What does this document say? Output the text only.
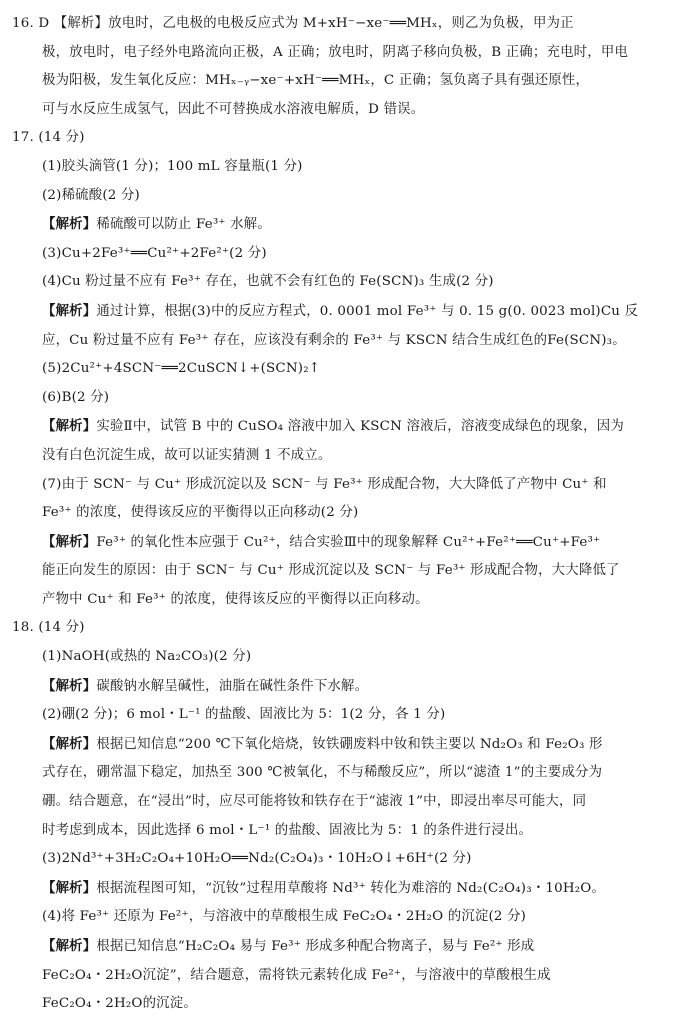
16. D 【解析】放电时，乙电极的电极反应式为 M+xH⁻−xe⁻══MHₓ，则乙为负极，甲为正
极，放电时，电子经外电路流向正极，A 正确；放电时，阴离子移向负极，B 正确；充电时，甲电
极为阳极，发生氧化反应：MHₓ₋ᵧ−xe⁻+xH⁻══MHₓ，C 正确；氢负离子具有强还原性，
可与水反应生成氢气，因此不可替换成水溶液电解质，D 错误。
17. (14 分)
(1)胶头滴管(1 分)；100 mL 容量瓶(1 分)
(2)稀硫酸(2 分)
【解析】稀硫酸可以防止 Fe³⁺ 水解。
(3)Cu+2Fe³⁺══Cu²⁺+2Fe²⁺(2 分)
(4)Cu 粉过量不应有 Fe³⁺ 存在，也就不会有红色的 Fe(SCN)₃ 生成(2 分)
【解析】通过计算，根据(3)中的反应方程式，0. 0001 mol Fe³⁺ 与 0. 15 g(0. 0023 mol)Cu 反
应，Cu 粉过量不应有 Fe³⁺ 存在，应该没有剩余的 Fe³⁺ 与 KSCN 结合生成红色的Fe(SCN)₃。
(5)2Cu²⁺+4SCN⁻══2CuSCN↓+(SCN)₂↑
(6)B(2 分)
【解析】实验Ⅱ中，试管 B 中的 CuSO₄ 溶液中加入 KSCN 溶液后，溶液变成绿色的现象，因为
没有白色沉淀生成，故可以证实猜测 1 不成立。
(7)由于 SCN⁻ 与 Cu⁺ 形成沉淀以及 SCN⁻ 与 Fe³⁺ 形成配合物，大大降低了产物中 Cu⁺ 和
Fe³⁺ 的浓度，使得该反应的平衡得以正向移动(2 分)
【解析】Fe³⁺ 的氧化性本应强于 Cu²⁺，结合实验Ⅲ中的现象解释 Cu²⁺+Fe²⁺══Cu⁺+Fe³⁺
能正向发生的原因：由于 SCN⁻ 与 Cu⁺ 形成沉淀以及 SCN⁻ 与 Fe³⁺ 形成配合物，大大降低了
产物中 Cu⁺ 和 Fe³⁺ 的浓度，使得该反应的平衡得以正向移动。
18. (14 分)
(1)NaOH(或热的 Na₂CO₃)(2 分)
【解析】碳酸钠水解呈碱性，油脂在碱性条件下水解。
(2)硼(2 分)；6 mol・L⁻¹ 的盐酸、固液比为 5：1(2 分，各 1 分)
【解析】根据已知信息“200 ℃下氧化焙烧，钕铁硼废料中钕和铁主要以 Nd₂O₃ 和 Fe₂O₃ 形
式存在，硼常温下稳定，加热至 300 ℃被氧化，不与稀酸反应”，所以“滤渣 1”的主要成分为
硼。结合题意，在“浸出”时，应尽可能将钕和铁存在于“滤液 1”中，即浸出率尽可能大，同
时考虑到成本，因此选择 6 mol・L⁻¹ 的盐酸、固液比为 5：1 的条件进行浸出。
(3)2Nd³⁺+3H₂C₂O₄+10H₂O══Nd₂(C₂O₄)₃・10H₂O↓+6H⁺(2 分)
【解析】根据流程图可知，“沉钕”过程用草酸将 Nd³⁺ 转化为难溶的 Nd₂(C₂O₄)₃・10H₂O。
(4)将 Fe³⁺ 还原为 Fe²⁺，与溶液中的草酸根生成 FeC₂O₄・2H₂O 的沉淀(2 分)
【解析】根据已知信息“H₂C₂O₄ 易与 Fe³⁺ 形成多种配合物离子，易与 Fe²⁺ 形成
FeC₂O₄・2H₂O沉淀”，结合题意，需将铁元素转化成 Fe²⁺，与溶液中的草酸根生成
FeC₂O₄・2H₂O的沉淀。
